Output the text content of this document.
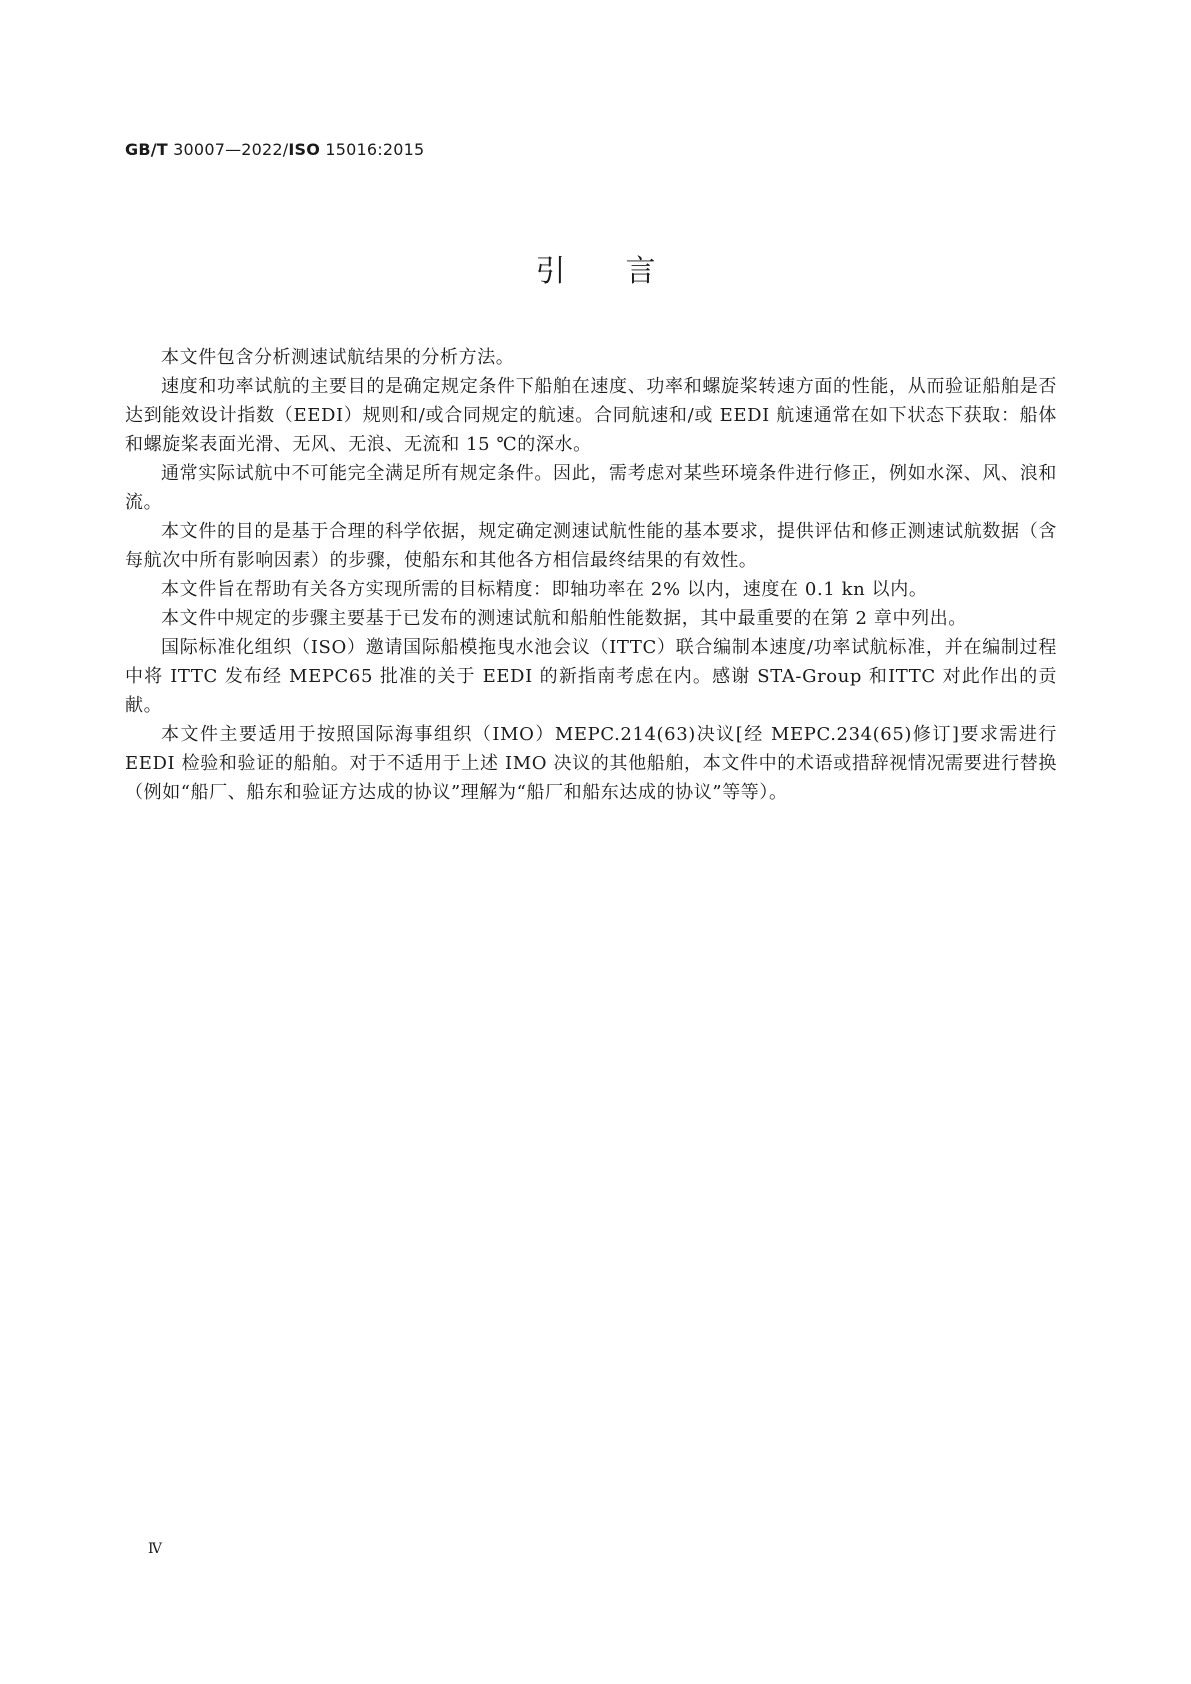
GB/T 30007—2022/ISO 15016:2015
引言

本文件包含分析测速试航结果的分析方法。

速度和功率试航的主要目的是确定规定条件下船舶在速度、功率和螺旋桨转速方面的性能，从而验证船舶是否达到能效设计指数（EEDI）规则和/或合同规定的航速。合同航速和/或 EEDI 航速通常在如下状态下获取：船体和螺旋桨表面光滑、无风、无浪、无流和 15 ℃的深水。

通常实际试航中不可能完全满足所有规定条件。因此，需考虑对某些环境条件进行修正，例如水深、风、浪和流。

本文件的目的是基于合理的科学依据，规定确定测速试航性能的基本要求，提供评估和修正测速试航数据（含每航次中所有影响因素）的步骤，使船东和其他各方相信最终结果的有效性。

本文件旨在帮助有关各方实现所需的目标精度：即轴功率在 2% 以内，速度在 0.1 kn 以内。

本文件中规定的步骤主要基于已发布的测速试航和船舶性能数据，其中最重要的在第 2 章中列出。

国际标准化组织（ISO）邀请国际船模拖曳水池会议（ITTC）联合编制本速度/功率试航标准，并在编制过程中将 ITTC 发布经 MEPC65 批准的关于 EEDI 的新指南考虑在内。感谢 STA-Group 和ITTC 对此作出的贡献。

本文件主要适用于按照国际海事组织（IMO）MEPC.214(63)决议[经 MEPC.234(65)修订]要求需进行 EEDI 检验和验证的船舶。对于不适用于上述 IMO 决议的其他船舶，本文件中的术语或措辞视情况需要进行替换（例如“船厂、船东和验证方达成的协议”理解为“船厂和船东达成的协议”等等）。

Ⅳ
